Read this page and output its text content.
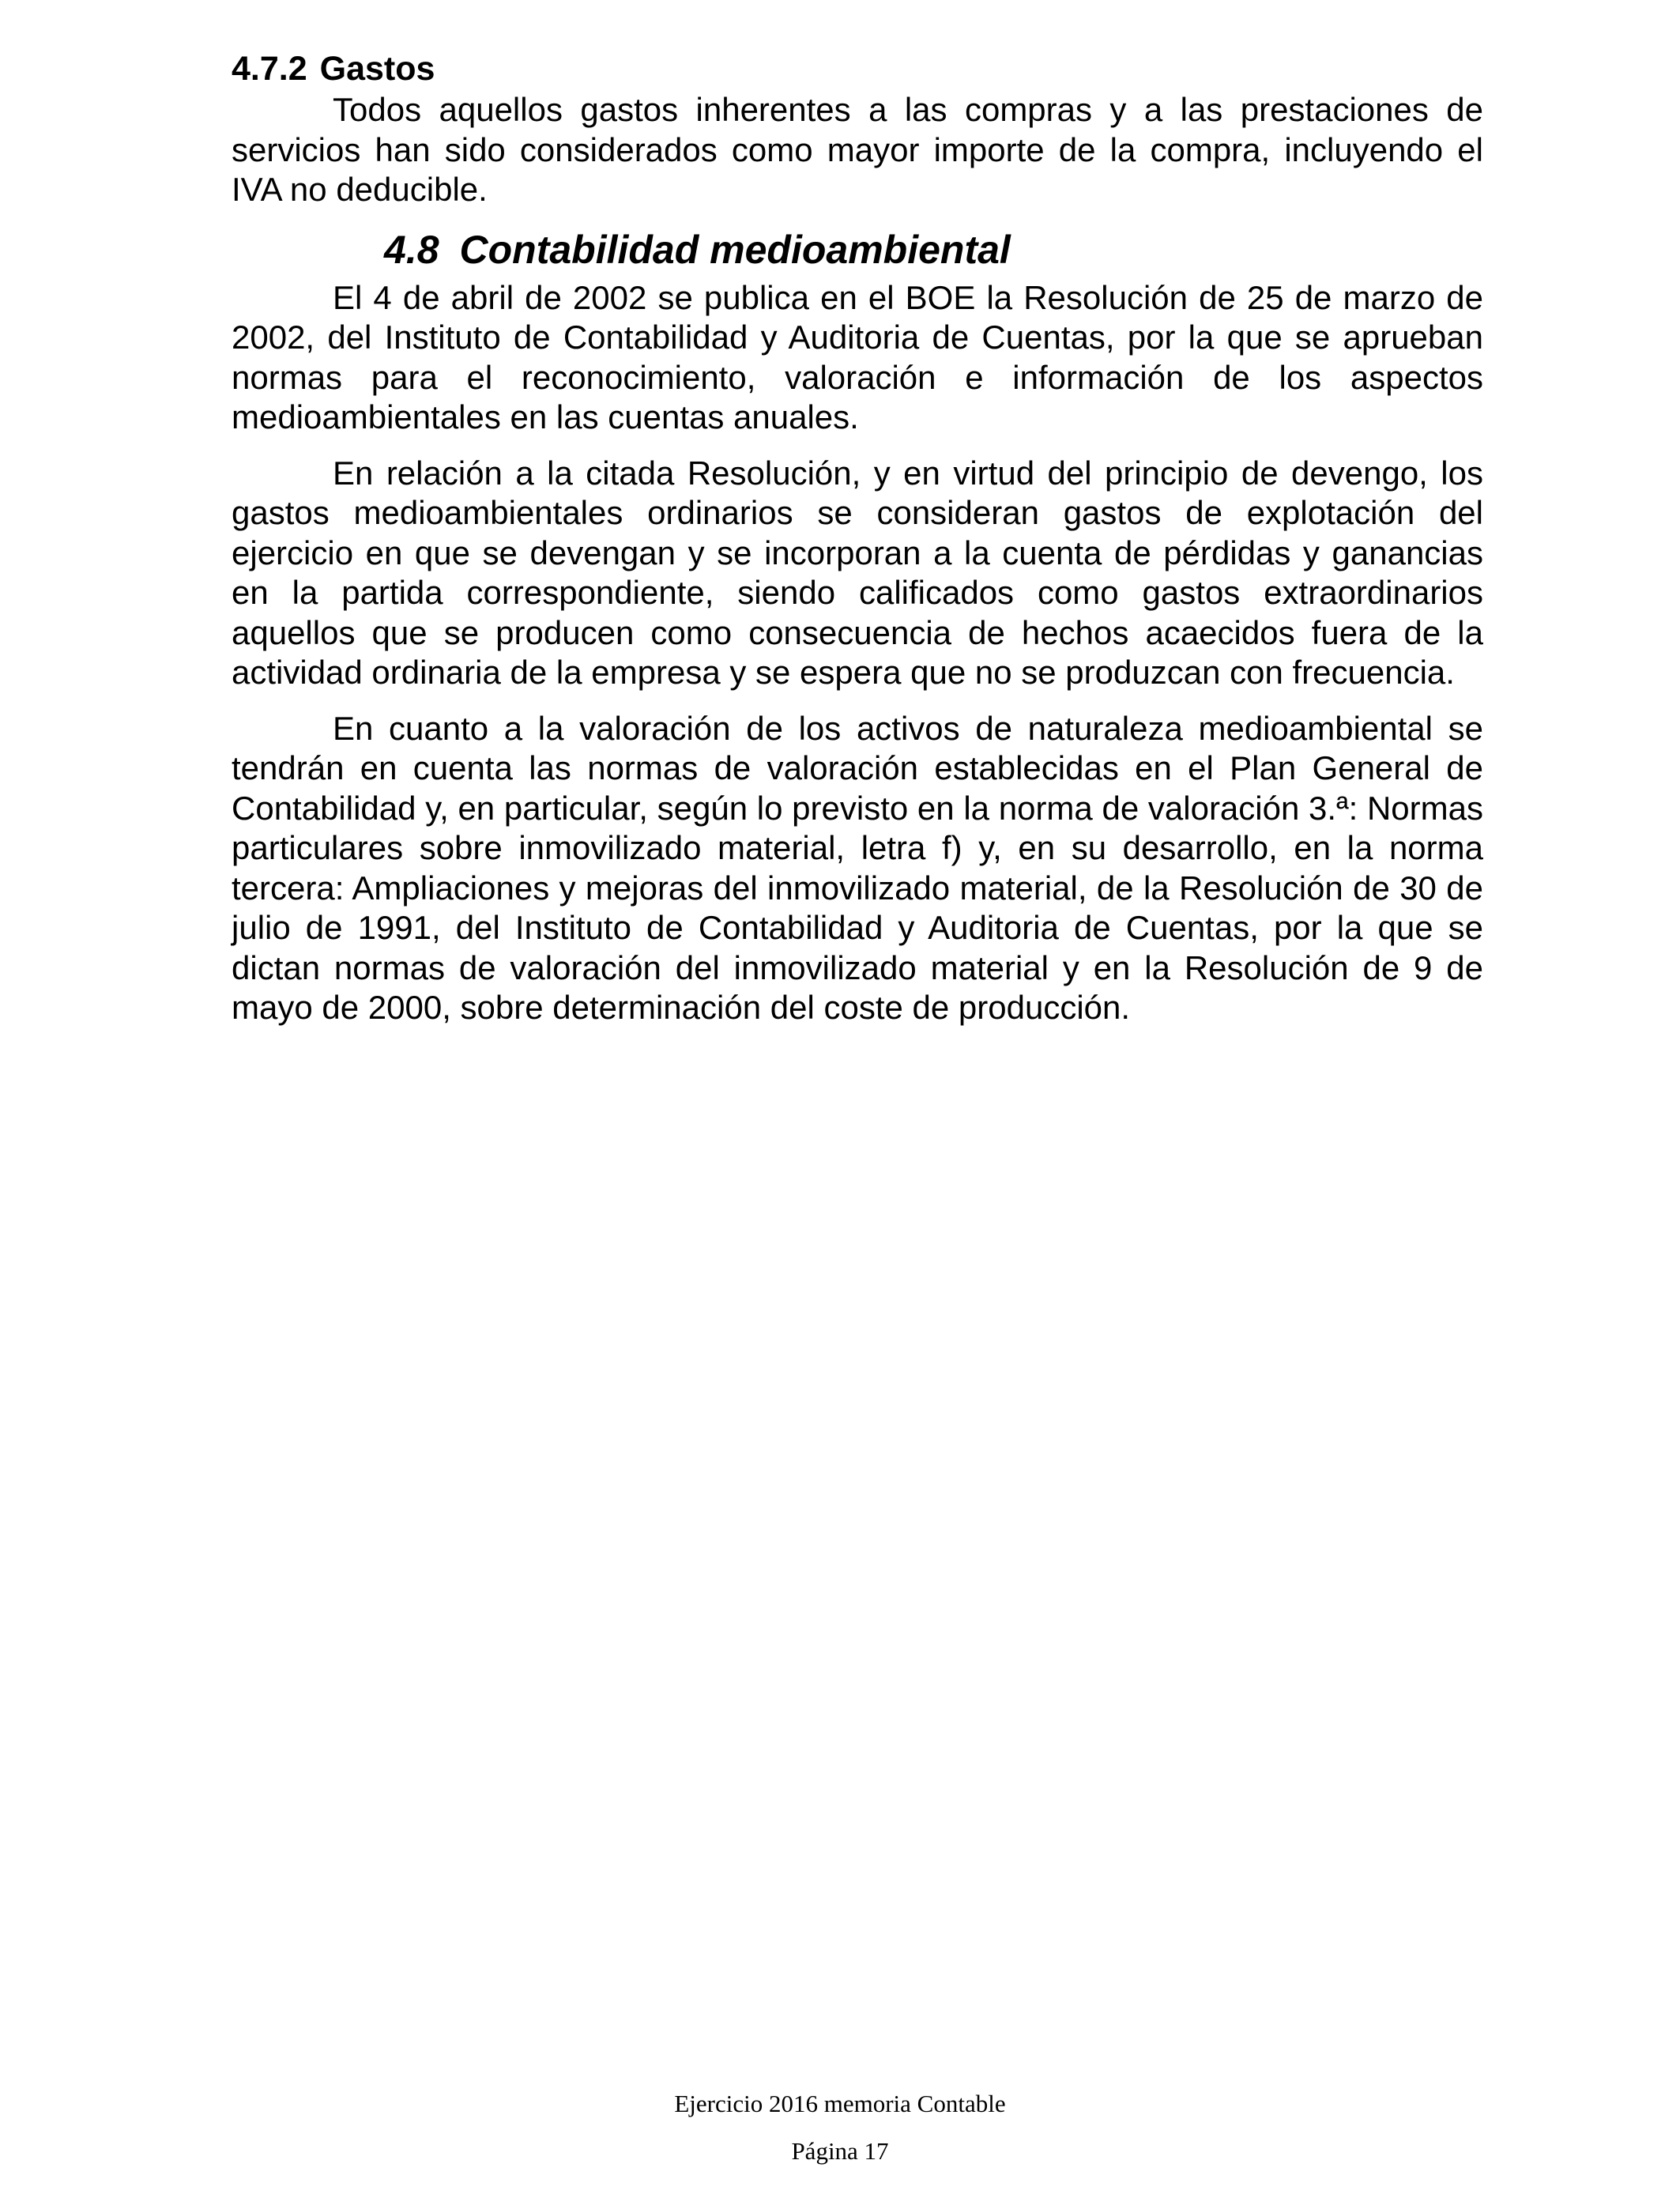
4.7.2 Gastos

Todos aquellos gastos inherentes a las compras y a las prestaciones de servicios han sido considerados como mayor importe de la compra, incluyendo el IVA no deducible.

4.8 Contabilidad medioambiental

El 4 de abril de 2002 se publica en el BOE la Resolución de 25 de marzo de 2002, del Instituto de Contabilidad y Auditoria de Cuentas, por la que se aprueban normas para el reconocimiento, valoración e información de los aspectos medioambientales en las cuentas anuales.

En relación a la citada Resolución, y en virtud del principio de devengo, los gastos medioambientales ordinarios se consideran gastos de explotación del ejercicio en que se devengan y se incorporan a la cuenta de pérdidas y ganancias en la partida correspondiente, siendo calificados como gastos extraordinarios aquellos que se producen como consecuencia de hechos acaecidos fuera de la actividad ordinaria de la empresa y se espera que no se produzcan con frecuencia.

En cuanto a la valoración de los activos de naturaleza medioambiental se tendrán en cuenta las normas de valoración establecidas en el Plan General de Contabilidad y, en particular, según lo previsto en la norma de valoración 3.ª: Normas particulares sobre inmovilizado material, letra f) y, en su desarrollo, en la norma tercera: Ampliaciones y mejoras del inmovilizado material, de la Resolución de 30 de julio de 1991, del Instituto de Contabilidad y Auditoria de Cuentas, por la que se dictan normas de valoración del inmovilizado material y en la Resolución de 9 de mayo de 2000, sobre determinación del coste de producción.

Ejercicio 2016 memoria Contable
Página 17
